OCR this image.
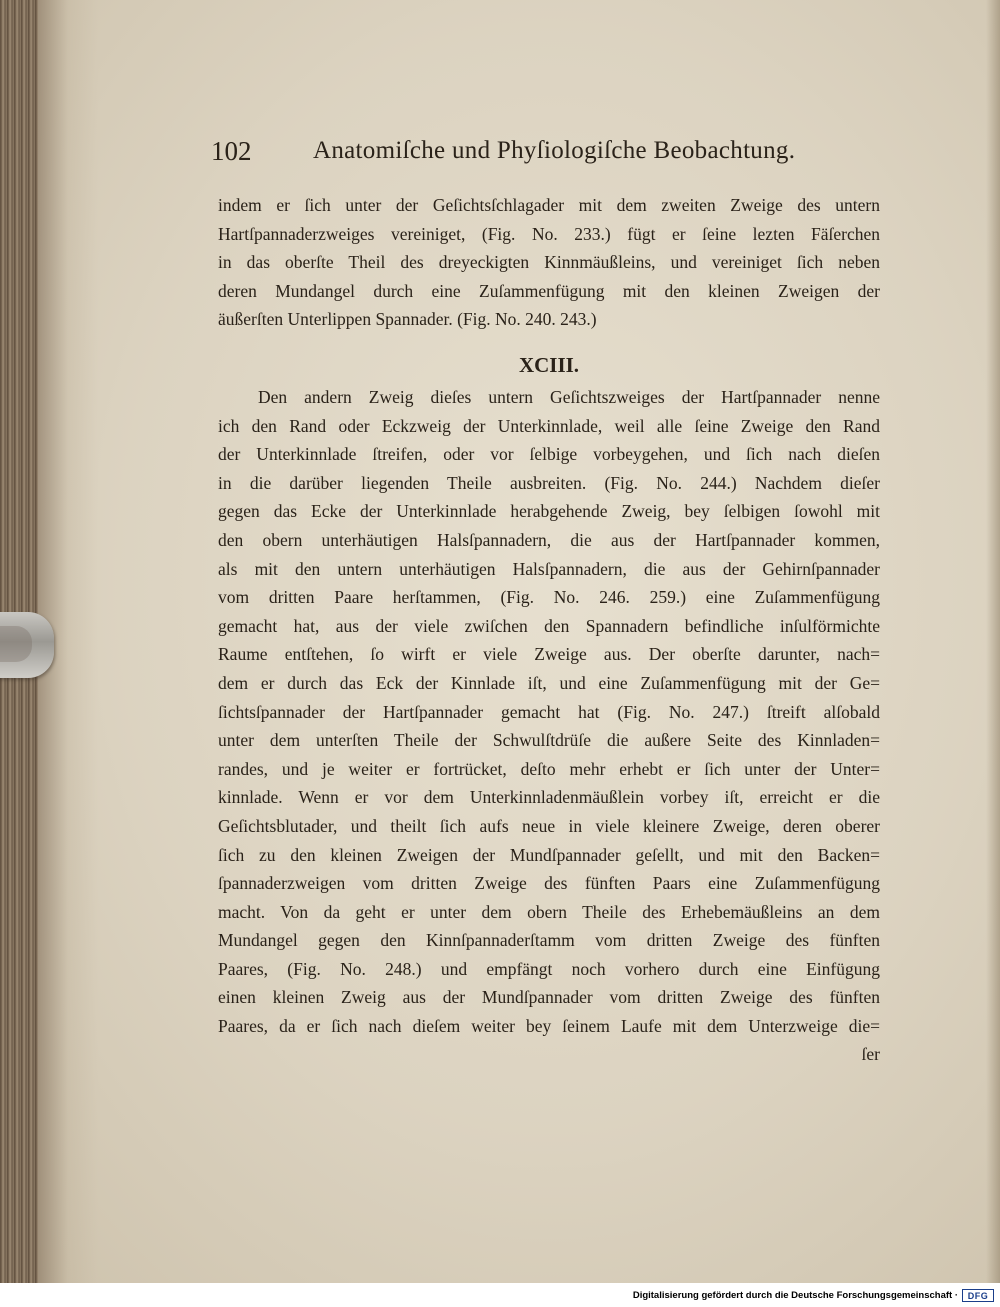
102 Anatomiſche und Phyſiologiſche Beobachtung.
indem er ſich unter der Geſichtsſchlagader mit dem zweiten Zweige des untern
Hartſpannaderzweiges vereiniget, (Fig. No. 233.) fügt er ſeine lezten Fäſerchen
in das oberſte Theil des dreyeckigten Kinnmäußleins, und vereiniget ſich neben
deren Mundangel durch eine Zuſammenfügung mit den kleinen Zweigen der
äußerſten Unterlippen Spannader. (Fig. No. 240. 243.)
XCIII.
Den andern Zweig dieſes untern Geſichtszweiges der Hartſpannader nenne
ich den Rand oder Eckzweig der Unterkinnlade, weil alle ſeine Zweige den Rand
der Unterkinnlade ſtreifen, oder vor ſelbige vorbeygehen, und ſich nach dieſen
in die darüber liegenden Theile ausbreiten. (Fig. No. 244.) Nachdem dieſer
gegen das Ecke der Unterkinnlade herabgehende Zweig, bey ſelbigen ſowohl mit
den obern unterhäutigen Halsſpannadern, die aus der Hartſpannader kommen,
als mit den untern unterhäutigen Halsſpannadern, die aus der Gehirnſpannader
vom dritten Paare herſtammen, (Fig. No. 246. 259.) eine Zuſammenfügung
gemacht hat, aus der viele zwiſchen den Spannadern befindliche inſulförmichte
Raume entſtehen, ſo wirft er viele Zweige aus. Der oberſte darunter, nach=
dem er durch das Eck der Kinnlade iſt, und eine Zuſammenfügung mit der Ge=
ſichtsſpannader der Hartſpannader gemacht hat (Fig. No. 247.) ſtreift alſobald
unter dem unterſten Theile der Schwulſtdrüſe die außere Seite des Kinnladen=
randes, und je weiter er fortrücket, deſto mehr erhebt er ſich unter der Unter=
kinnlade. Wenn er vor dem Unterkinnladenmäußlein vorbey iſt, erreicht er die
Geſichtsblutader, und theilt ſich aufs neue in viele kleinere Zweige, deren oberer
ſich zu den kleinen Zweigen der Mundſpannader geſellt, und mit den Backen=
ſpannaderzweigen vom dritten Zweige des fünften Paars eine Zuſammenfügung
macht. Von da geht er unter dem obern Theile des Erhebemäußleins an dem
Mundangel gegen den Kinnſpannaderſtamm vom dritten Zweige des fünften
Paares, (Fig. No. 248.) und empfängt noch vorhero durch eine Einfügung
einen kleinen Zweig aus der Mundſpannader vom dritten Zweige des fünften
Paares, da er ſich nach dieſem weiter bey ſeinem Laufe mit dem Unterzweige die=
ſer
Digitalisierung gefördert durch die Deutsche Forschungsgemeinschaft ·	DFG
